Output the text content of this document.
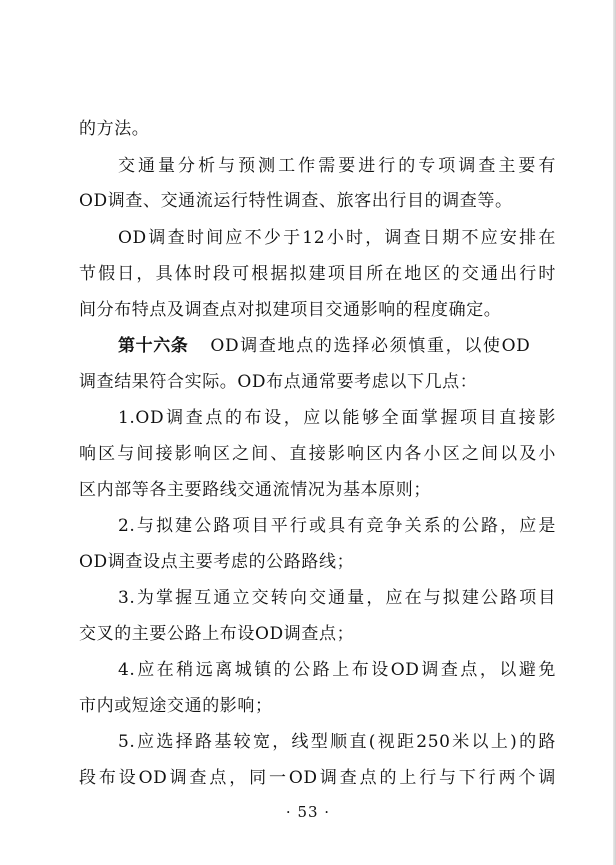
的方法。
交通量分析与预测工作需要进行的专项调查主要有
OD调查、交通流运行特性调查、旅客出行目的调查等。
OD调查时间应不少于12小时，调查日期不应安排在
节假日，具体时段可根据拟建项目所在地区的交通出行时
间分布特点及调查点对拟建项目交通影响的程度确定。
第十六条 OD调查地点的选择必须慎重，以使OD
调查结果符合实际。OD布点通常要考虑以下几点：
1.OD调查点的布设，应以能够全面掌握项目直接影
响区与间接影响区之间、直接影响区内各小区之间以及小
区内部等各主要路线交通流情况为基本原则；
2.与拟建公路项目平行或具有竞争关系的公路，应是
OD调查设点主要考虑的公路路线；
3.为掌握互通立交转向交通量，应在与拟建公路项目
交叉的主要公路上布设OD调查点；
4.应在稍远离城镇的公路上布设OD调查点，以避免
市内或短途交通的影响；
5.应选择路基较宽，线型顺直(视距250米以上)的路
段布设OD调查点，同一OD调查点的上行与下行两个调
· 53 ·
